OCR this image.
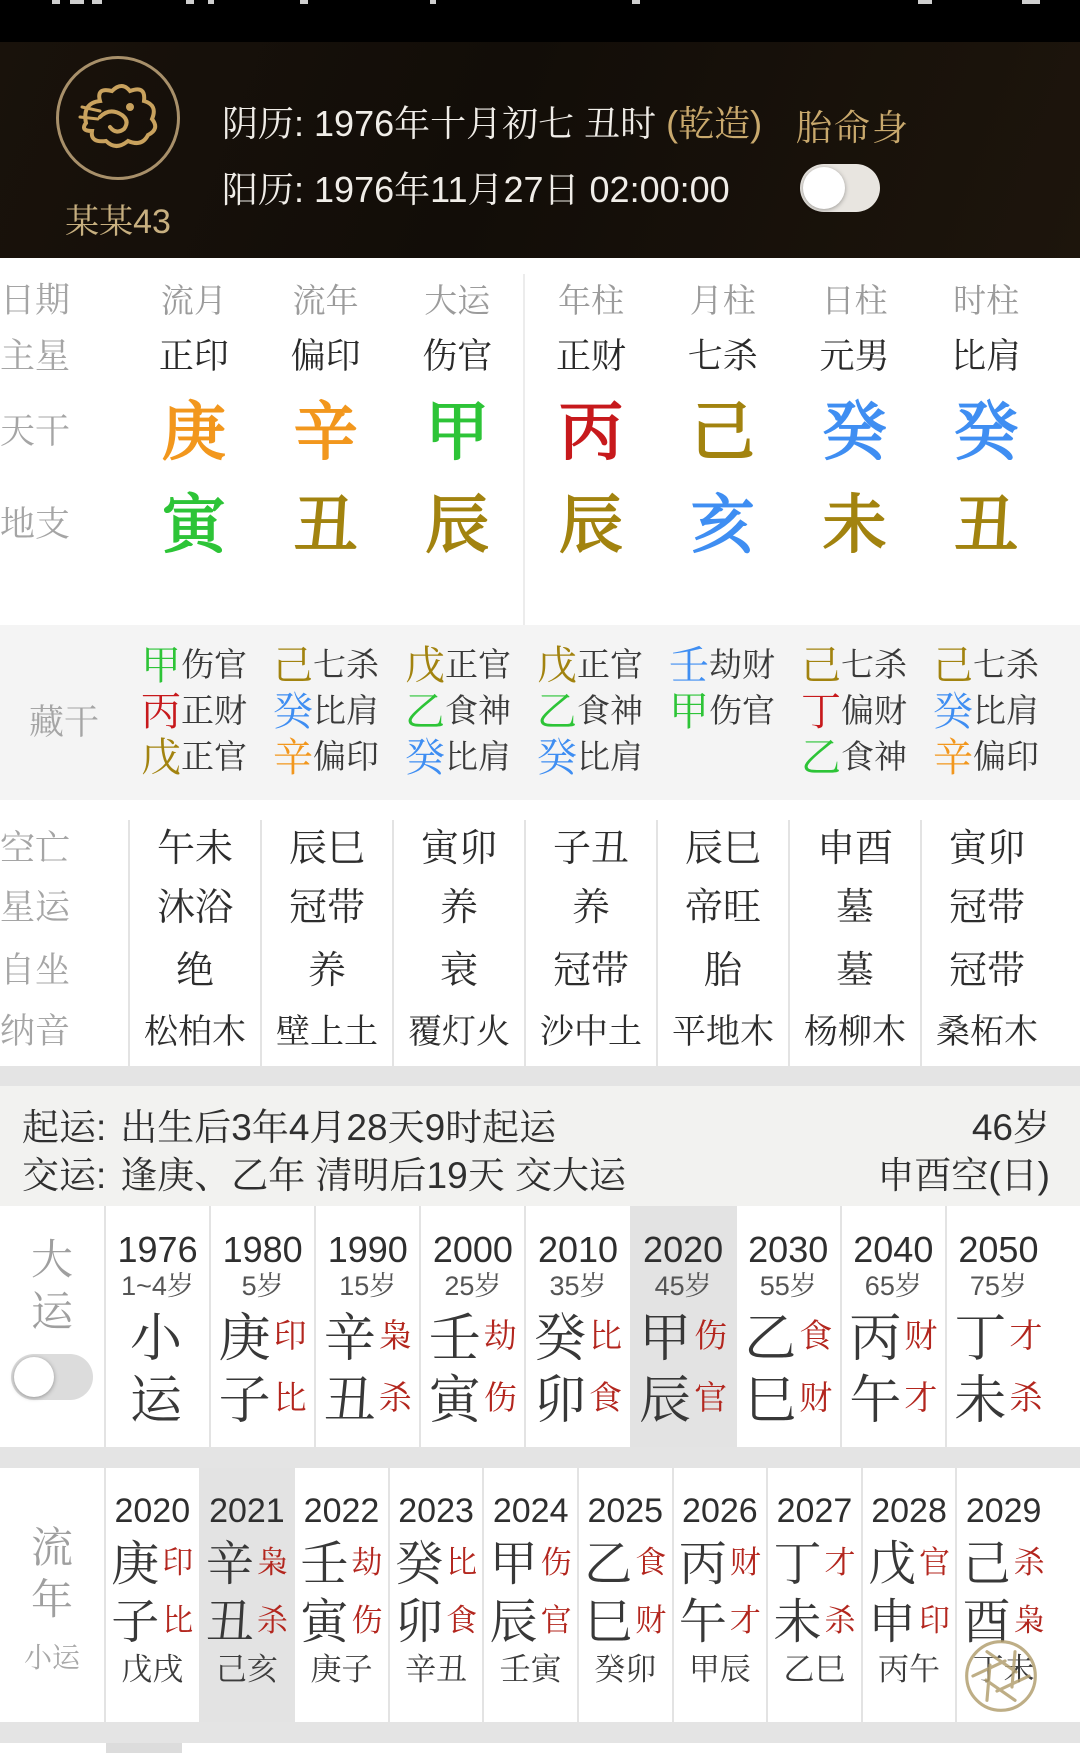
某某43
阴历: 1976年十月初七 丑时 (乾造)
阳历: 1976年11月27日 02:00:00
胎命身
日期
主星
天干
地支
流月
正印
庚
寅
流年
偏印
辛
丑
大运
伤官
甲
辰
年柱
正财
丙
辰
月柱
七杀
己
亥
日柱
元男
癸
未
时柱
比肩
癸
丑
藏干
甲 伤官
丙 正财
戊 正官
己 七杀
癸 比肩
辛 偏印
戊 正官
乙 食神
癸 比肩
戊 正官
乙 食神
癸 比肩
壬 劫财
甲 伤官
己 七杀
丁 偏财
乙 食神
己 七杀
癸 比肩
辛 偏印
空亡
星运
自坐
纳音
午未
沐浴
绝
松柏木
辰巳
冠带
养
壁上土
寅卯
养
衰
覆灯火
子丑
养
冠带
沙中土
辰巳
帝旺
胎
平地木
申酉
墓
墓
杨柳木
寅卯
冠带
冠带
桑柘木
起运: 出生后3年4月28天9时起运	46岁
交运: 逢庚、乙年 清明后19天 交大运	申酉空(日)
大
运
1976
1~4岁
小
运
1980
5岁
庚 印
子 比
1990
15岁
辛 枭
丑 杀
2000
25岁
壬 劫
寅 伤
2010
35岁
癸 比
卯 食
2020
45岁
甲 伤
辰 官
2030
55岁
乙 食
巳 财
2040
65岁
丙 财
午 才
2050
75岁
丁 才
未 杀
流
年
小运
2020
庚 印
子 比
戊戌
2021
辛 枭
丑 杀
己亥
2022
壬 劫
寅 伤
庚子
2023
癸 比
卯 食
辛丑
2024
甲 伤
辰 官
壬寅
2025
乙 食
巳 财
癸卯
2026
丙 财
午 才
甲辰
2027
丁 才
未 杀
乙巳
2028
戊 官
申 印
丙午
2029
己 杀
酉 枭
丁未
